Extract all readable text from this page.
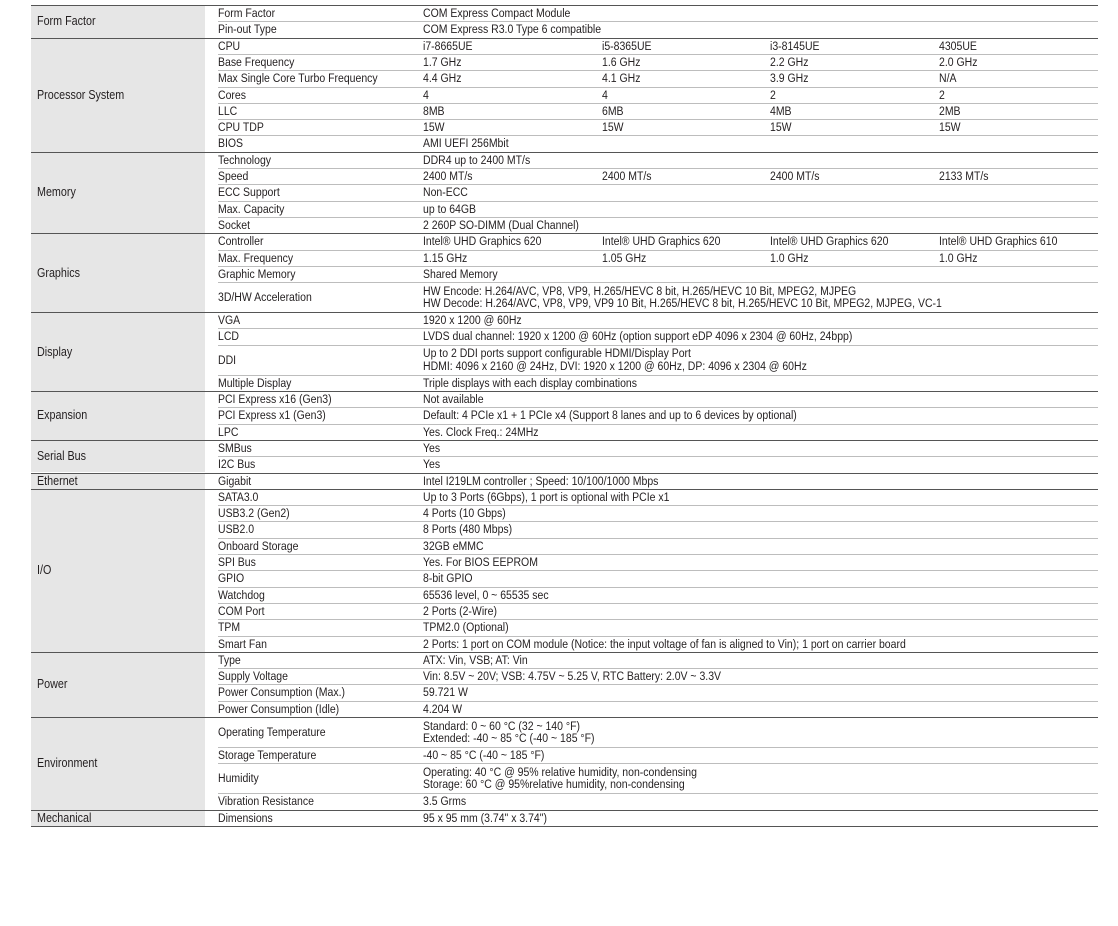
Form Factor
Form Factor	COM Express Compact Module
Pin-out Type	COM Express R3.0 Type 6 compatible
Processor System
CPU	i7-8665UE	i5-8365UE	i3-8145UE	4305UE
Base Frequency	1.7 GHz	1.6 GHz	2.2 GHz	2.0 GHz
Max Single Core Turbo Frequency	4.4 GHz	4.1 GHz	3.9 GHz	N/A
Cores	4	4	2	2
LLC	8MB	6MB	4MB	2MB
CPU TDP	15W	15W	15W	15W
BIOS	AMI UEFI 256Mbit
Memory
Technology	DDR4 up to 2400 MT/s
Speed	2400 MT/s	2400 MT/s	2400 MT/s	2133 MT/s
ECC Support	Non-ECC
Max. Capacity	up to 64GB
Socket	2 260P SO-DIMM (Dual Channel)
Graphics
Controller	Intel® UHD Graphics 620	Intel® UHD Graphics 620	Intel® UHD Graphics 620	Intel® UHD Graphics 610
Max. Frequency	1.15 GHz	1.05 GHz	1.0 GHz	1.0 GHz
Graphic Memory	Shared Memory
3D/HW Acceleration	HW Encode: H.264/AVC, VP8, VP9, H.265/HEVC 8 bit, H.265/HEVC 10 Bit, MPEG2, MJPEG
HW Decode: H.264/AVC, VP8, VP9, VP9 10 Bit, H.265/HEVC 8 bit, H.265/HEVC 10 Bit, MPEG2, MJPEG, VC-1
Display
VGA	1920 x 1200 @ 60Hz
LCD	LVDS dual channel: 1920 x 1200 @ 60Hz (option support eDP 4096 x 2304 @ 60Hz, 24bpp)
DDI	Up to 2 DDI ports support configurable HDMI/Display Port
HDMI: 4096 x 2160 @ 24Hz, DVI: 1920 x 1200 @ 60Hz, DP: 4096 x 2304 @ 60Hz
Multiple Display	Triple displays with each display combinations
Expansion
PCI Express x16 (Gen3)	Not available
PCI Express x1 (Gen3)	Default: 4 PCIe x1 + 1 PCIe x4 (Support 8 lanes and up to 6 devices by optional)
LPC	Yes. Clock Freq.: 24MHz
Serial Bus
SMBus	Yes
I2C Bus	Yes
Ethernet	Gigabit	Intel I219LM controller ; Speed: 10/100/1000 Mbps
I/O
SATA3.0	Up to 3 Ports (6Gbps), 1 port is optional with PCIe x1
USB3.2 (Gen2)	4 Ports (10 Gbps)
USB2.0	8 Ports (480 Mbps)
Onboard Storage	32GB eMMC
SPI Bus	Yes. For BIOS EEPROM
GPIO	8-bit GPIO
Watchdog	65536 level, 0 ~ 65535 sec
COM Port	2 Ports (2-Wire)
TPM	TPM2.0 (Optional)
Smart Fan	2 Ports: 1 port on COM module (Notice: the input voltage of fan is aligned to Vin); 1 port on carrier board
Power
Type	ATX: Vin, VSB; AT: Vin
Supply Voltage	Vin: 8.5V ~ 20V; VSB: 4.75V ~ 5.25 V, RTC Battery: 2.0V ~ 3.3V
Power Consumption (Max.)	59.721 W
Power Consumption (Idle)	4.204 W
Environment
Operating Temperature	Standard: 0 ~ 60 °C (32 ~ 140 °F)
Extended: -40 ~ 85 °C (-40 ~ 185 °F)
Storage Temperature	-40 ~ 85 °C (-40 ~ 185 °F)
Humidity	Operating: 40 °C @ 95% relative humidity, non-condensing
Storage: 60 °C @ 95%relative humidity, non-condensing
Vibration Resistance	3.5 Grms
Mechanical	Dimensions	95 x 95 mm (3.74" x 3.74")
